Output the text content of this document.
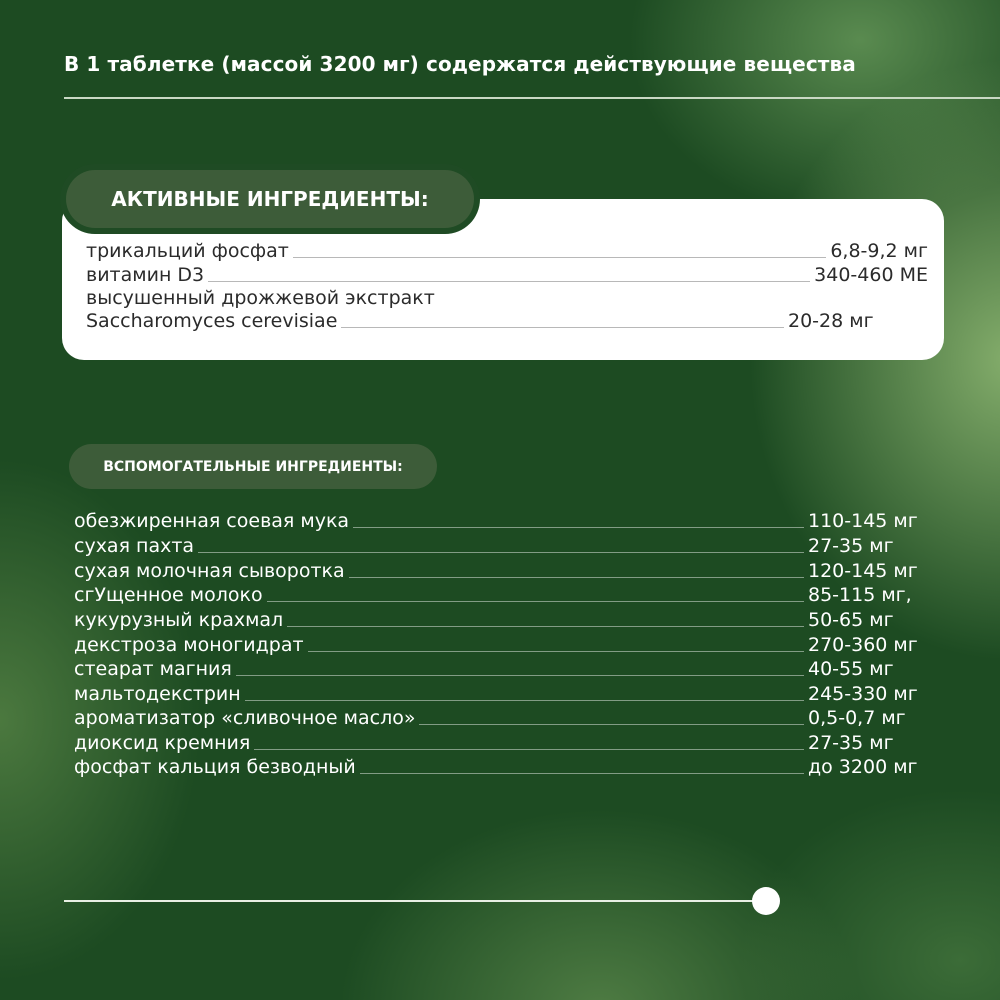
В 1 таблетке (массой 3200 мг) содержатся действующие вещества
АКТИВНЫЕ ИНГРЕДИЕНТЫ:
трикальций фосфат	6,8-9,2 мг
витамин D3	340-460 МЕ
высушенный дрожжевой экстракт
Saccharomyces cerevisiae	20-28 мг
ВСПОМОГАТЕЛЬНЫЕ ИНГРЕДИЕНТЫ:
обезжиренная соевая мука	110-145 мг
сухая пахта	27-35 мг
сухая молочная сыворотка	120-145 мг
сгУщенное молоко	85-115 мг,
кукурузный крахмал	50-65 мг
декстроза моногидрат	270-360 мг
стеарат магния	40-55 мг
мальтодекстрин	245-330 мг
ароматизатор «сливочное масло»	0,5-0,7 мг
диоксид кремния	27-35 мг
фосфат кальция безводный	до 3200 мг
